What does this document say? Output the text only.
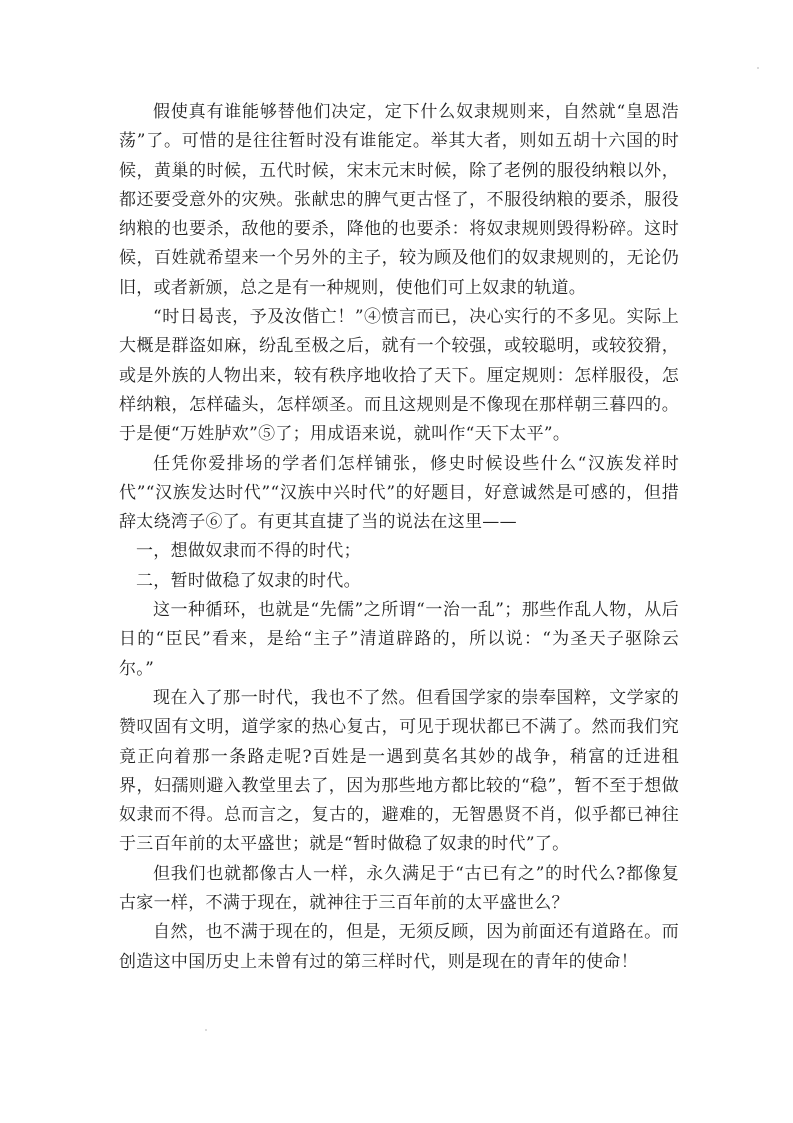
假使真有谁能够替他们决定，定下什么奴隶规则来，自然就“皇恩浩荡”了。可惜的是往往暂时没有谁能定。举其大者，则如五胡十六国的时候，黄巢的时候，五代时候，宋末元末时候，除了老例的服役纳粮以外，都还要受意外的灾殃。张献忠的脾气更古怪了，不服役纳粮的要杀，服役纳粮的也要杀，敌他的要杀，降他的也要杀：将奴隶规则毁得粉碎。这时候，百姓就希望来一个另外的主子，较为顾及他们的奴隶规则的，无论仍旧，或者新颁，总之是有一种规则，使他们可上奴隶的轨道。

“时日曷丧，予及汝偕亡！”④愤言而已，决心实行的不多见。实际上大概是群盗如麻，纷乱至极之后，就有一个较强，或较聪明，或较狡猾，或是外族的人物出来，较有秩序地收拾了天下。厘定规则：怎样服役，怎样纳粮，怎样磕头，怎样颂圣。而且这规则是不像现在那样朝三暮四的。于是便“万姓胪欢”⑤了；用成语来说，就叫作“天下太平”。

任凭你爱排场的学者们怎样铺张，修史时候设些什么“汉族发祥时代”“汉族发达时代”“汉族中兴时代”的好题目，好意诚然是可感的，但措辞太绕湾子⑥了。有更其直捷了当的说法在这里——

一，想做奴隶而不得的时代；

二，暂时做稳了奴隶的时代。

这一种循环，也就是“先儒”之所谓“一治一乱”；那些作乱人物，从后日的“臣民”看来，是给“主子”清道辟路的，所以说：“为圣天子驱除云尔。”

现在入了那一时代，我也不了然。但看国学家的崇奉国粹，文学家的赞叹固有文明，道学家的热心复古，可见于现状都已不满了。然而我们究竟正向着那一条路走呢?百姓是一遇到莫名其妙的战争，稍富的迁进租界，妇孺则避入教堂里去了，因为那些地方都比较的“稳”，暂不至于想做奴隶而不得。总而言之，复古的，避难的，无智愚贤不肖，似乎都已神往于三百年前的太平盛世；就是“暂时做稳了奴隶的时代”了。

但我们也就都像古人一样，永久满足于“古已有之”的时代么?都像复古家一样，不满于现在，就神往于三百年前的太平盛世么？

自然，也不满于现在的，但是，无须反顾，因为前面还有道路在。而创造这中国历史上未曾有过的第三样时代，则是现在的青年的使命！
